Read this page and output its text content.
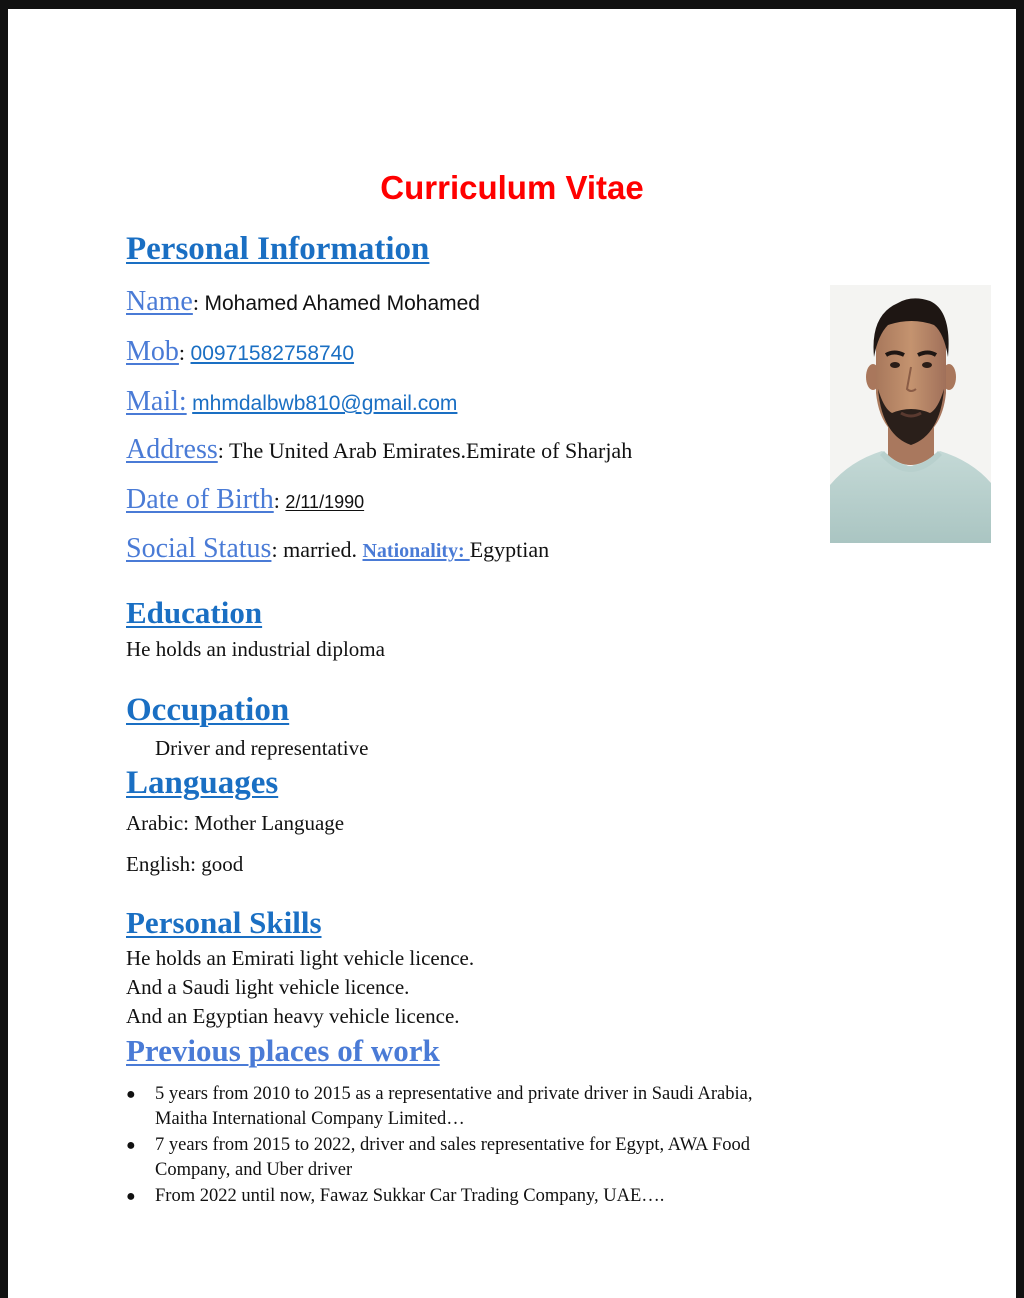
Curriculum Vitae
Personal Information
Name: Mohamed Ahamed Mohamed
Mob: 00971582758740
Mail: mhmdalbwb810@gmail.com
Address: The United Arab Emirates.Emirate of Sharjah
Date of Birth: 2/11/1990
Social Status: married. Nationality: Egyptian
Education
He holds an industrial diploma
Occupation
Driver and representative
Languages
Arabic: Mother Language
English: good
Personal Skills
He holds an Emirati light vehicle licence.
And a Saudi light vehicle licence.
And an Egyptian heavy vehicle licence.
Previous places of work
● 5 years from 2010 to 2015 as a representative and private driver in Saudi Arabia,
Maitha International Company Limited…
● 7 years from 2015 to 2022, driver and sales representative for Egypt, AWA Food
Company, and Uber driver
● From 2022 until now, Fawaz Sukkar Car Trading Company, UAE….
